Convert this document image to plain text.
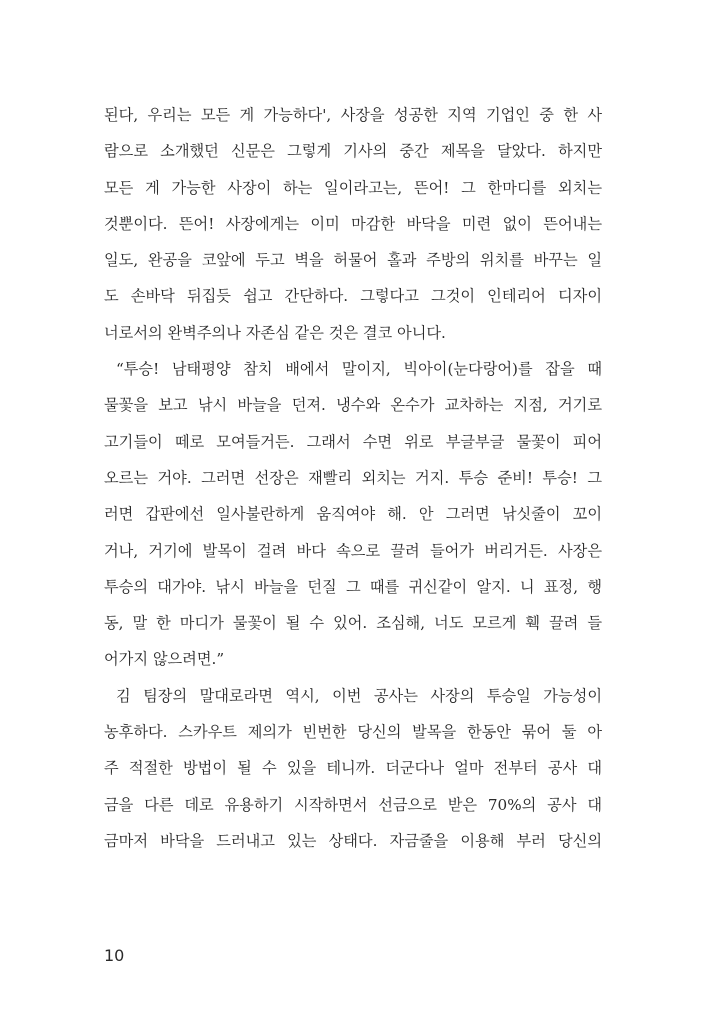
된다, 우리는 모든 게 가능하다', 사장을 성공한 지역 기업인 중 한 사
람으로 소개했던 신문은 그렇게 기사의 중간 제목을 달았다. 하지만
모든 게 가능한 사장이 하는 일이라고는, 뜬어! 그 한마디를 외치는
것뿐이다. 뜬어! 사장에게는 이미 마감한 바닥을 미련 없이 뜬어내는
일도, 완공을 코앞에 두고 벽을 허물어 홀과 주방의 위치를 바꾸는 일
도 손바닥 뒤집듯 쉽고 간단하다. 그렇다고 그것이 인테리어 디자이
너로서의 완벽주의나 자존심 같은 것은 결코 아니다.
“투승! 남태평양 참치 배에서 말이지, 빅아이(눈다랑어)를 잡을 때
물꽃을 보고 낚시 바늘을 던져. 냉수와 온수가 교차하는 지점, 거기로
고기들이 떼로 모여들거든. 그래서 수면 위로 부글부글 물꽃이 피어
오르는 거야. 그러면 선장은 재빨리 외치는 거지. 투승 준비! 투승! 그
러면 갑판에선 일사불란하게 움직여야 해. 안 그러면 낚싯줄이 꼬이
거나, 거기에 발목이 걸려 바다 속으로 끌려 들어가 버리거든. 사장은
투승의 대가야. 낚시 바늘을 던질 그 때를 귀신같이 알지. 니 표정, 행
동, 말 한 마디가 물꽃이 될 수 있어. 조심해, 너도 모르게 훽 끌려 들
어가지 않으려면.”
김 팀장의 말대로라면 역시, 이번 공사는 사장의 투승일 가능성이
농후하다. 스카우트 제의가 빈번한 당신의 발목을 한동안 묶어 둘 아
주 적절한 방법이 될 수 있을 테니까. 더군다나 얼마 전부터 공사 대
금을 다른 데로 유용하기 시작하면서 선금으로 받은 70%의 공사 대
금마저 바닥을 드러내고 있는 상태다. 자금줄을 이용해 부러 당신의
10
